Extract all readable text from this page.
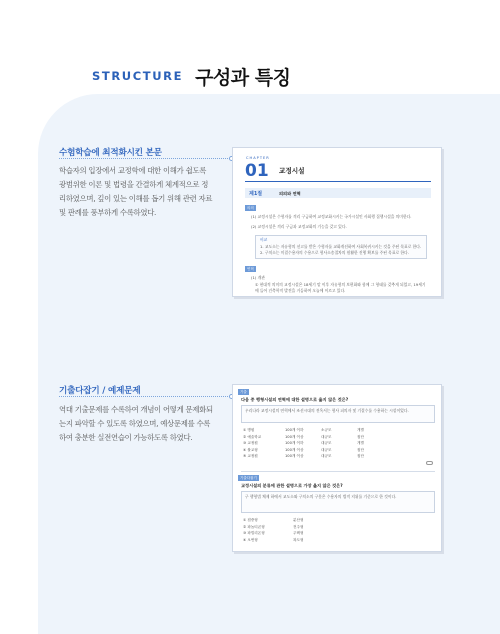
STRUCTURE 구성과 특징
수험학습에 최적화시킨 본문
학습자의 입장에서 교정학에 대한 이해가 쉽도록 광범위한 이론 및 법령을 간결하게 체계적으로 정리하였으며, 깊이 있는 이해를 돕기 위해 관련 자료 및 판례를 풍부하게 수록하였다.
CHAPTER
01 교정시설
제1절	의의와 연혁
의의
(1) 교정시설은 수형자를 격리 구금하여 교정교화시키는 국가시설인 사회행 집행시설을 의미한다.
(2) 교정시설은 격리 구금과 교정교화의 기능을 갖고 있다.
비교
1. 교도소는 자유형의 선고를 받은 수형자를 교화개선하여 사회복귀시키는 것을 주된 목표로 한다.
2. 구치소는 미결수용자의 수용으로 형사소송절차의 원활한 진행 확보를 주된 목표로 한다.
연혁
(1) 개관
① 현대적 의미의 교정시설은 18세기 말 이후 자유형의 보편화와 함께 그 형태를 갖추게 되었고, 19세기에 들어 건축학적 발전을 거듭하여 오늘에 이르고 있다.
기출다잡기 / 예제문제
역대 기출문제를 수록하여 개념이 어떻게 문제화되는지 파악할 수 있도록 하였으며, 예상문제를 수록하여 충분한 실전연습이 가능하도록 하였다.
기출
다음 중 행형시설의 연혁에 대한 설명으로 옳지 않은 것은?
우리나라 교정시설의 연혁에서 조선시대의 전옥서는 형사 피의자 및 기결수를 수용하는 시설이었다.
① 병원	100개 이하	소규모	개별
② 예술학교	100개 이상	대규모	집단
③ 교정원	100개 이하	대규모	개별
④ 불교형	100개 이상	대규모	집단
⑤ 교정원	100개 이상	대규모	집단
기출다잡기
교정시설의 분류에 관한 설명으로 가장 옳지 않은 것은?
구 행형법 체제 하에서 교도소와 구치소의 구분은 수용자의 법적 지위를 기준으로 한 것이다.
① 집중형	분산형
② 파놉티콘형	전주형
③ 파빌리온형	주택형
④ 오번형	복도형
